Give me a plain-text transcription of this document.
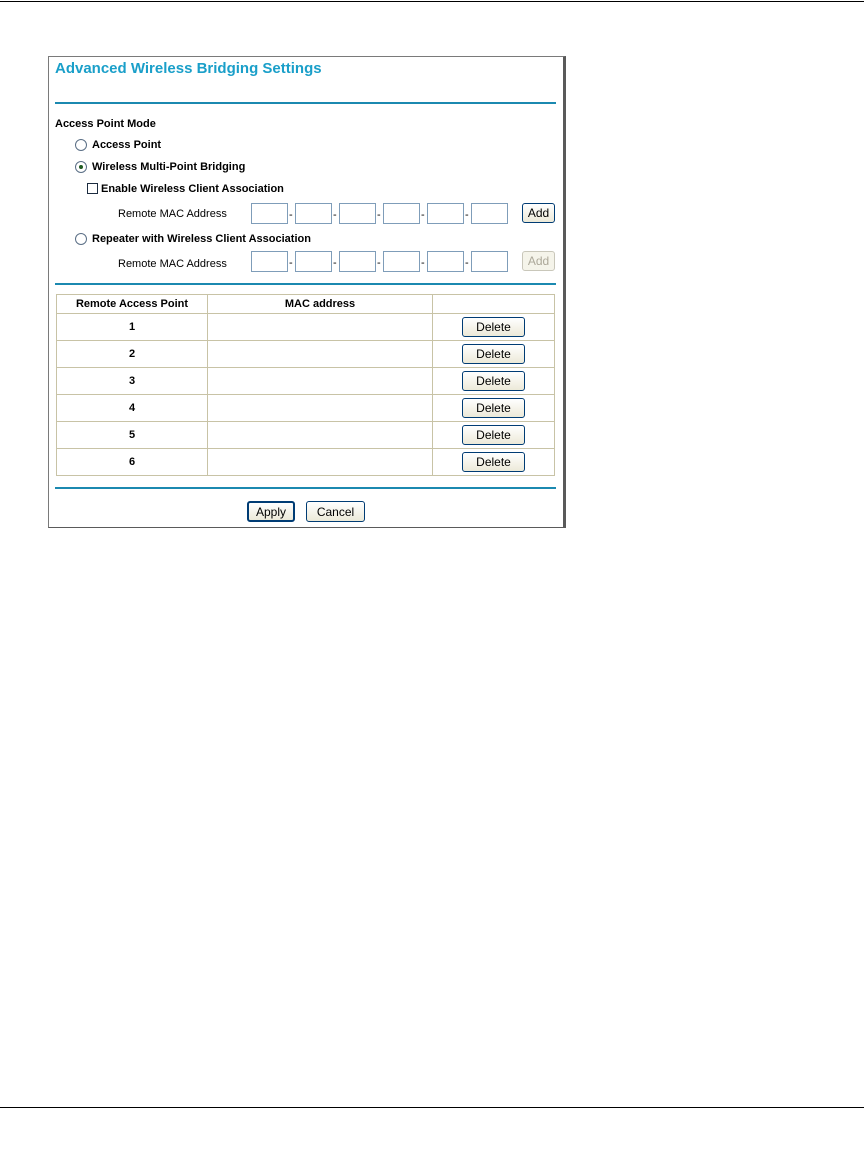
Advanced Wireless Bridging Settings
Access Point Mode
Access Point
Wireless Multi-Point Bridging
Enable Wireless Client Association
Remote MAC Address	-	-	-	-	-	Add
Repeater with Wireless Client Association
Remote MAC Address	-	-	-	-	-	Add
Remote Access Point	MAC address	
1		Delete
2		Delete
3		Delete
4		Delete
5		Delete
6		Delete
Apply	Cancel
